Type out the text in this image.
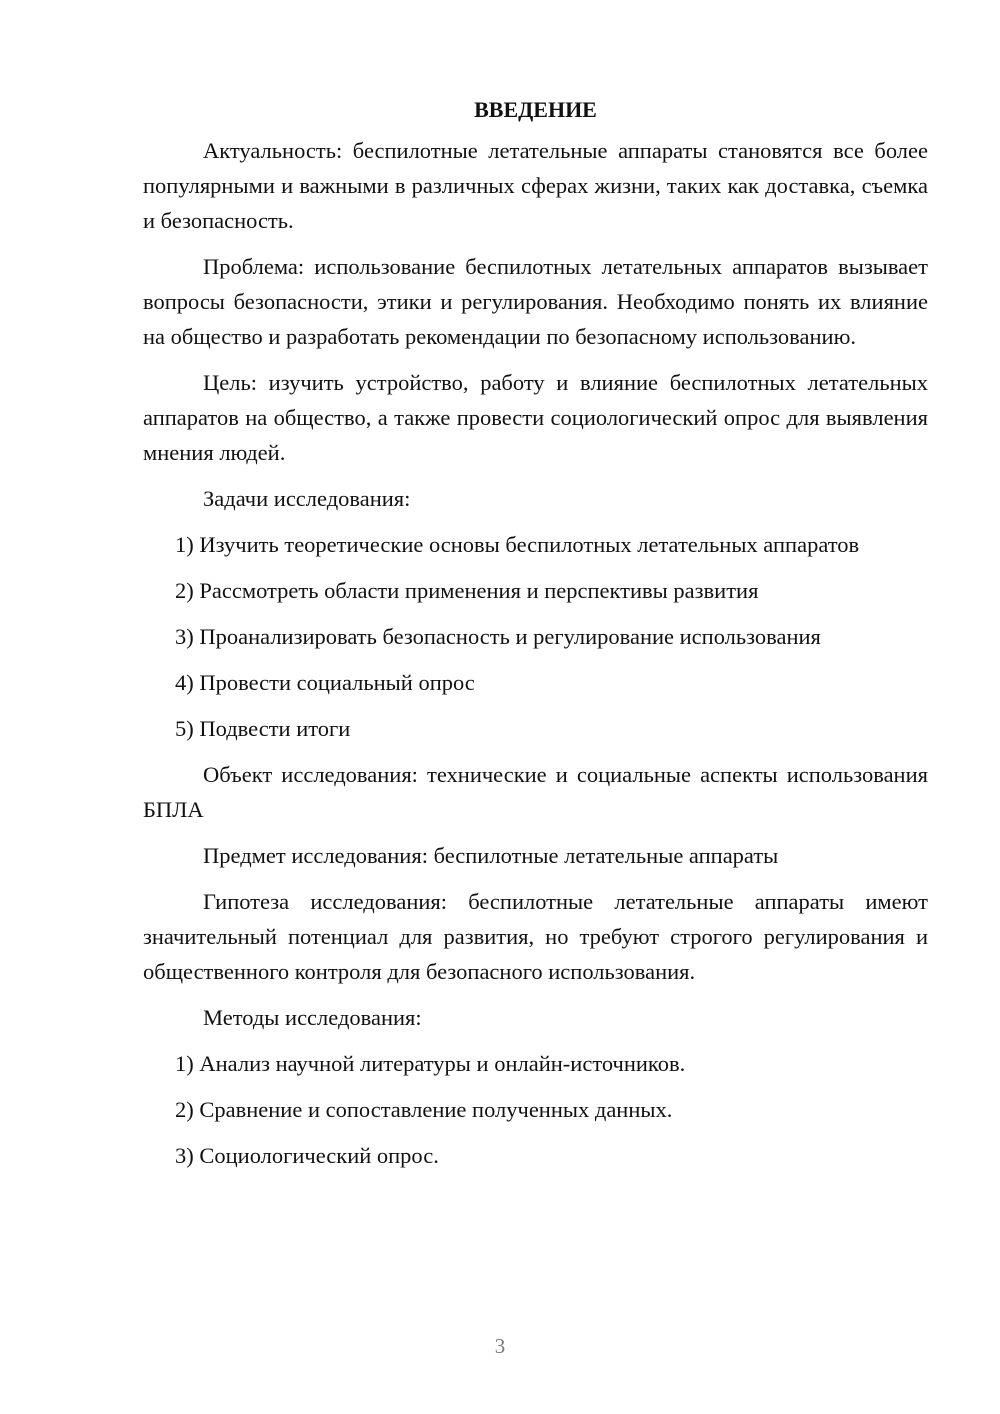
ВВЕДЕНИЕ

Актуальность: беспилотные летательные аппараты становятся все более популярными и важными в различных сферах жизни, таких как доставка, съемка и безопасность.

Проблема: использование беспилотных летательных аппаратов вызывает вопросы безопасности, этики и регулирования. Необходимо понять их влияние на общество и разработать рекомендации по безопасному использованию.

Цель: изучить устройство, работу и влияние беспилотных летательных аппаратов на общество, а также провести социологический опрос для выявления мнения людей.

Задачи исследования:

1) Изучить теоретические основы беспилотных летательных аппаратов

2) Рассмотреть области применения и перспективы развития

3) Проанализировать безопасность и регулирование использования

4) Провести социальный опрос

5) Подвести итоги

Объект исследования: технические и социальные аспекты использования БПЛА

Предмет исследования: беспилотные летательные аппараты

Гипотеза исследования: беспилотные летательные аппараты имеют значительный потенциал для развития, но требуют строгого регулирования и общественного контроля для безопасного использования.

Методы исследования:

1) Анализ научной литературы и онлайн-источников.

2) Сравнение и сопоставление полученных данных.

3) Социологический опрос.

3
